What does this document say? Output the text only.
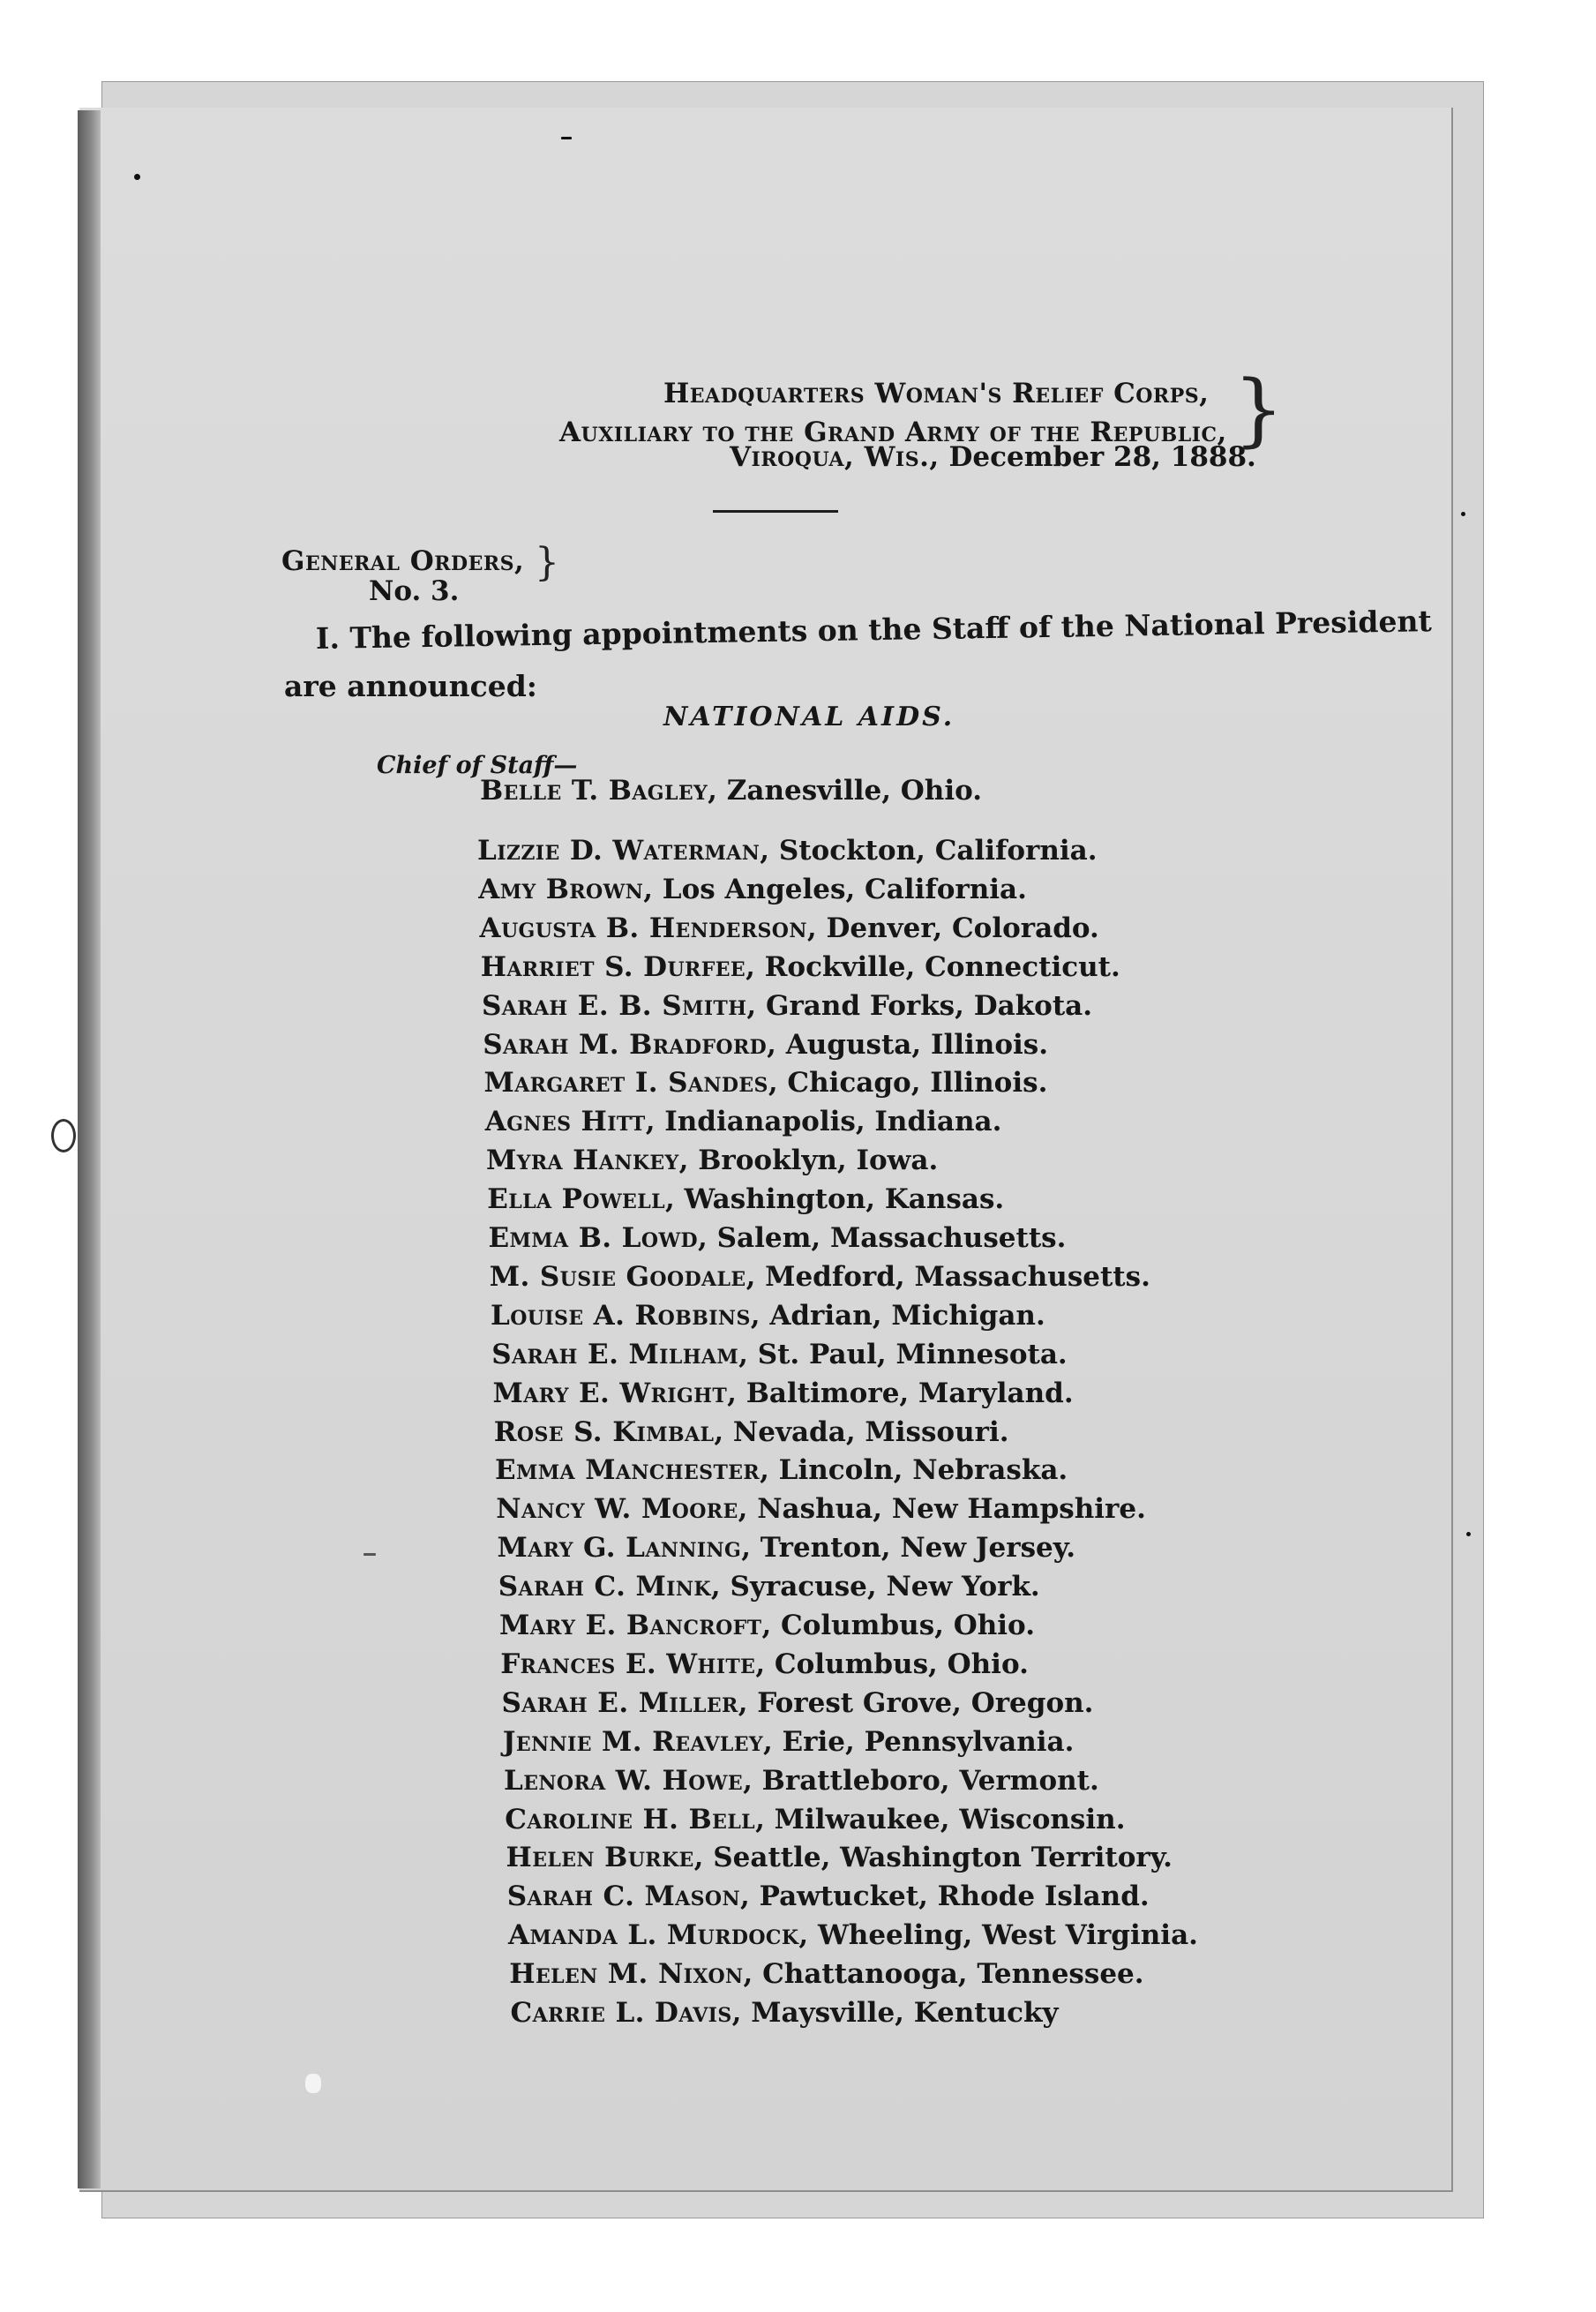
Headquarters Woman's Relief Corps,
Auxiliary to the Grand Army of the Republic,
Viroqua, Wis., December 28, 1888.
}
General Orders,
No. 3.
}
I. The following appointments on the Staff of the National President
are announced:
NATIONAL AIDS.
Chief of Staff—
Belle T. Bagley, Zanesville, Ohio.
Lizzie D. Waterman, Stockton, California.
Amy Brown, Los Angeles, California.
Augusta B. Henderson, Denver, Colorado.
Harriet S. Durfee, Rockville, Connecticut.
Sarah E. B. Smith, Grand Forks, Dakota.
Sarah M. Bradford, Augusta, Illinois.
Margaret I. Sandes, Chicago, Illinois.
Agnes Hitt, Indianapolis, Indiana.
Myra Hankey, Brooklyn, Iowa.
Ella Powell, Washington, Kansas.
Emma B. Lowd, Salem, Massachusetts.
M. Susie Goodale, Medford, Massachusetts.
Louise A. Robbins, Adrian, Michigan.
Sarah E. Milham, St. Paul, Minnesota.
Mary E. Wright, Baltimore, Maryland.
Rose S. Kimbal, Nevada, Missouri.
Emma Manchester, Lincoln, Nebraska.
Nancy W. Moore, Nashua, New Hampshire.
Mary G. Lanning, Trenton, New Jersey.
Sarah C. Mink, Syracuse, New York.
Mary E. Bancroft, Columbus, Ohio.
Frances E. White, Columbus, Ohio.
Sarah E. Miller, Forest Grove, Oregon.
Jennie M. Reavley, Erie, Pennsylvania.
Lenora W. Howe, Brattleboro, Vermont.
Caroline H. Bell, Milwaukee, Wisconsin.
Helen Burke, Seattle, Washington Territory.
Sarah C. Mason, Pawtucket, Rhode Island.
Amanda L. Murdock, Wheeling, West Virginia.
Helen M. Nixon, Chattanooga, Tennessee.
Carrie L. Davis, Maysville, Kentucky
